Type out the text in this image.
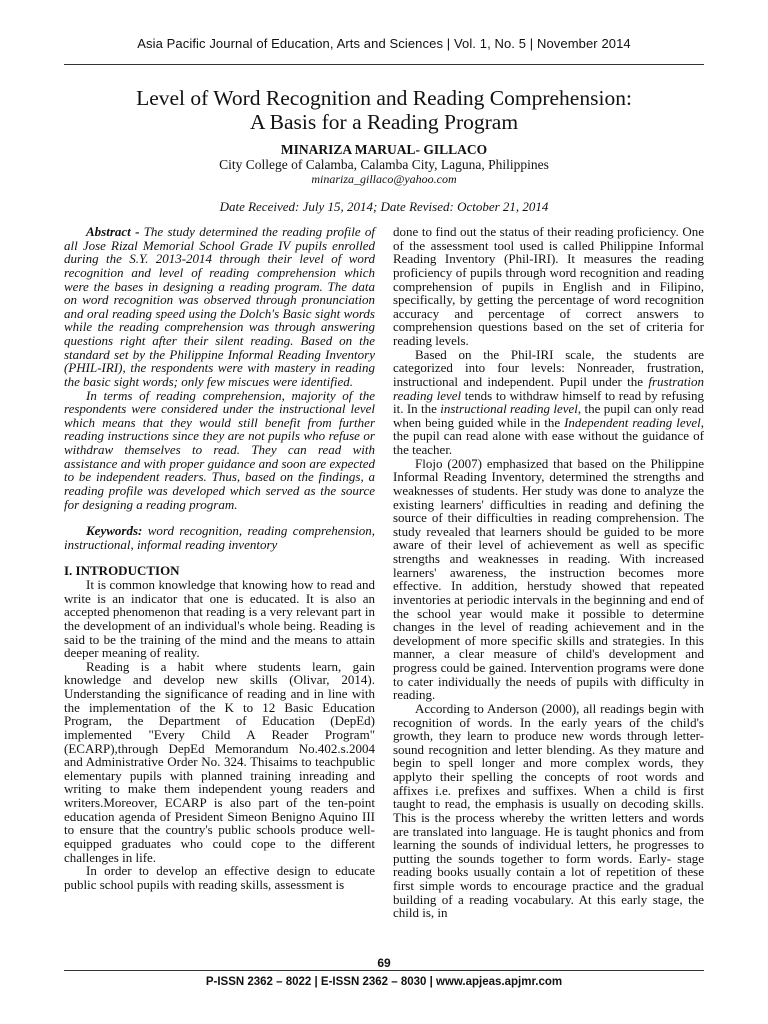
Asia Pacific Journal of Education, Arts and Sciences | Vol. 1, No. 5 | November 2014
Level of Word Recognition and Reading Comprehension:
A Basis for a Reading Program
MINARIZA MARUAL- GILLACO
City College of Calamba, Calamba City, Laguna, Philippines
minariza_gillaco@yahoo.com
Date Received: July 15, 2014; Date Revised: October 21, 2014

Abstract - The study determined the reading profile of all Jose Rizal Memorial School Grade IV pupils enrolled during the S.Y. 2013-2014 through their level of word recognition and level of reading comprehension which were the bases in designing a reading program. The data on word recognition was observed through pronunciation and oral reading speed using the Dolch's Basic sight words while the reading comprehension was through answering questions right after their silent reading. Based on the standard set by the Philippine Informal Reading Inventory (PHIL-IRI), the respondents were with mastery in reading the basic sight words; only few miscues were identified.

In terms of reading comprehension, majority of the respondents were considered under the instructional level which means that they would still benefit from further reading instructions since they are not pupils who refuse or withdraw themselves to read. They can read with assistance and with proper guidance and soon are expected to be independent readers. Thus, based on the findings, a reading profile was developed which served as the source for designing a reading program.

Keywords: word recognition, reading comprehension, instructional, informal reading inventory

I. INTRODUCTION

It is common knowledge that knowing how to read and write is an indicator that one is educated. It is also an accepted phenomenon that reading is a very relevant part in the development of an individual's whole being. Reading is said to be the training of the mind and the means to attain deeper meaning of reality.

Reading is a habit where students learn, gain knowledge and develop new skills (Olivar, 2014). Understanding the significance of reading and in line with the implementation of the K to 12 Basic Education Program, the Department of Education (DepEd) implemented "Every Child A Reader Program" (ECARP),through DepEd Memorandum No.402.s.2004 and Administrative Order No. 324. Thisaims to teachpublic elementary pupils with planned training inreading and writing to make them independent young readers and writers.Moreover, ECARP is also part of the ten-point education agenda of President Simeon Benigno Aquino III to ensure that the country's public schools produce well-equipped graduates who could cope to the different challenges in life.

In order to develop an effective design to educate public school pupils with reading skills, assessment is

done to find out the status of their reading proficiency. One of the assessment tool used is called Philippine Informal Reading Inventory (Phil-IRI). It measures the reading proficiency of pupils through word recognition and reading comprehension of pupils in English and in Filipino, specifically, by getting the percentage of word recognition accuracy and percentage of correct answers to comprehension questions based on the set of criteria for reading levels.

Based on the Phil-IRI scale, the students are categorized into four levels: Nonreader, frustration, instructional and independent. Pupil under the frustration reading level tends to withdraw himself to read by refusing it. In the instructional reading level, the pupil can only read when being guided while in the Independent reading level, the pupil can read alone with ease without the guidance of the teacher.

Flojo (2007) emphasized that based on the Philippine Informal Reading Inventory, determined the strengths and weaknesses of students. Her study was done to analyze the existing learners' difficulties in reading and defining the source of their difficulties in reading comprehension. The study revealed that learners should be guided to be more aware of their level of achievement as well as specific strengths and weaknesses in reading. With increased learners' awareness, the instruction becomes more effective. In addition, herstudy showed that repeated inventories at periodic intervals in the beginning and end of the school year would make it possible to determine changes in the level of reading achievement and in the development of more specific skills and strategies. In this manner, a clear measure of child's development and progress could be gained. Intervention programs were done to cater individually the needs of pupils with difficulty in reading.

According to Anderson (2000), all readings begin with recognition of words. In the early years of the child's growth, they learn to produce new words through letter-sound recognition and letter blending. As they mature and begin to spell longer and more complex words, they applyto their spelling the concepts of root words and affixes i.e. prefixes and suffixes. When a child is first taught to read, the emphasis is usually on decoding skills. This is the process whereby the written letters and words are translated into language. He is taught phonics and from learning the sounds of individual letters, he progresses to putting the sounds together to form words. Early- stage reading books usually contain a lot of repetition of these first simple words to encourage practice and the gradual building of a reading vocabulary. At this early stage, the child is, in

69
P-ISSN 2362 – 8022 | E-ISSN 2362 – 8030 | www.apjeas.apjmr.com
